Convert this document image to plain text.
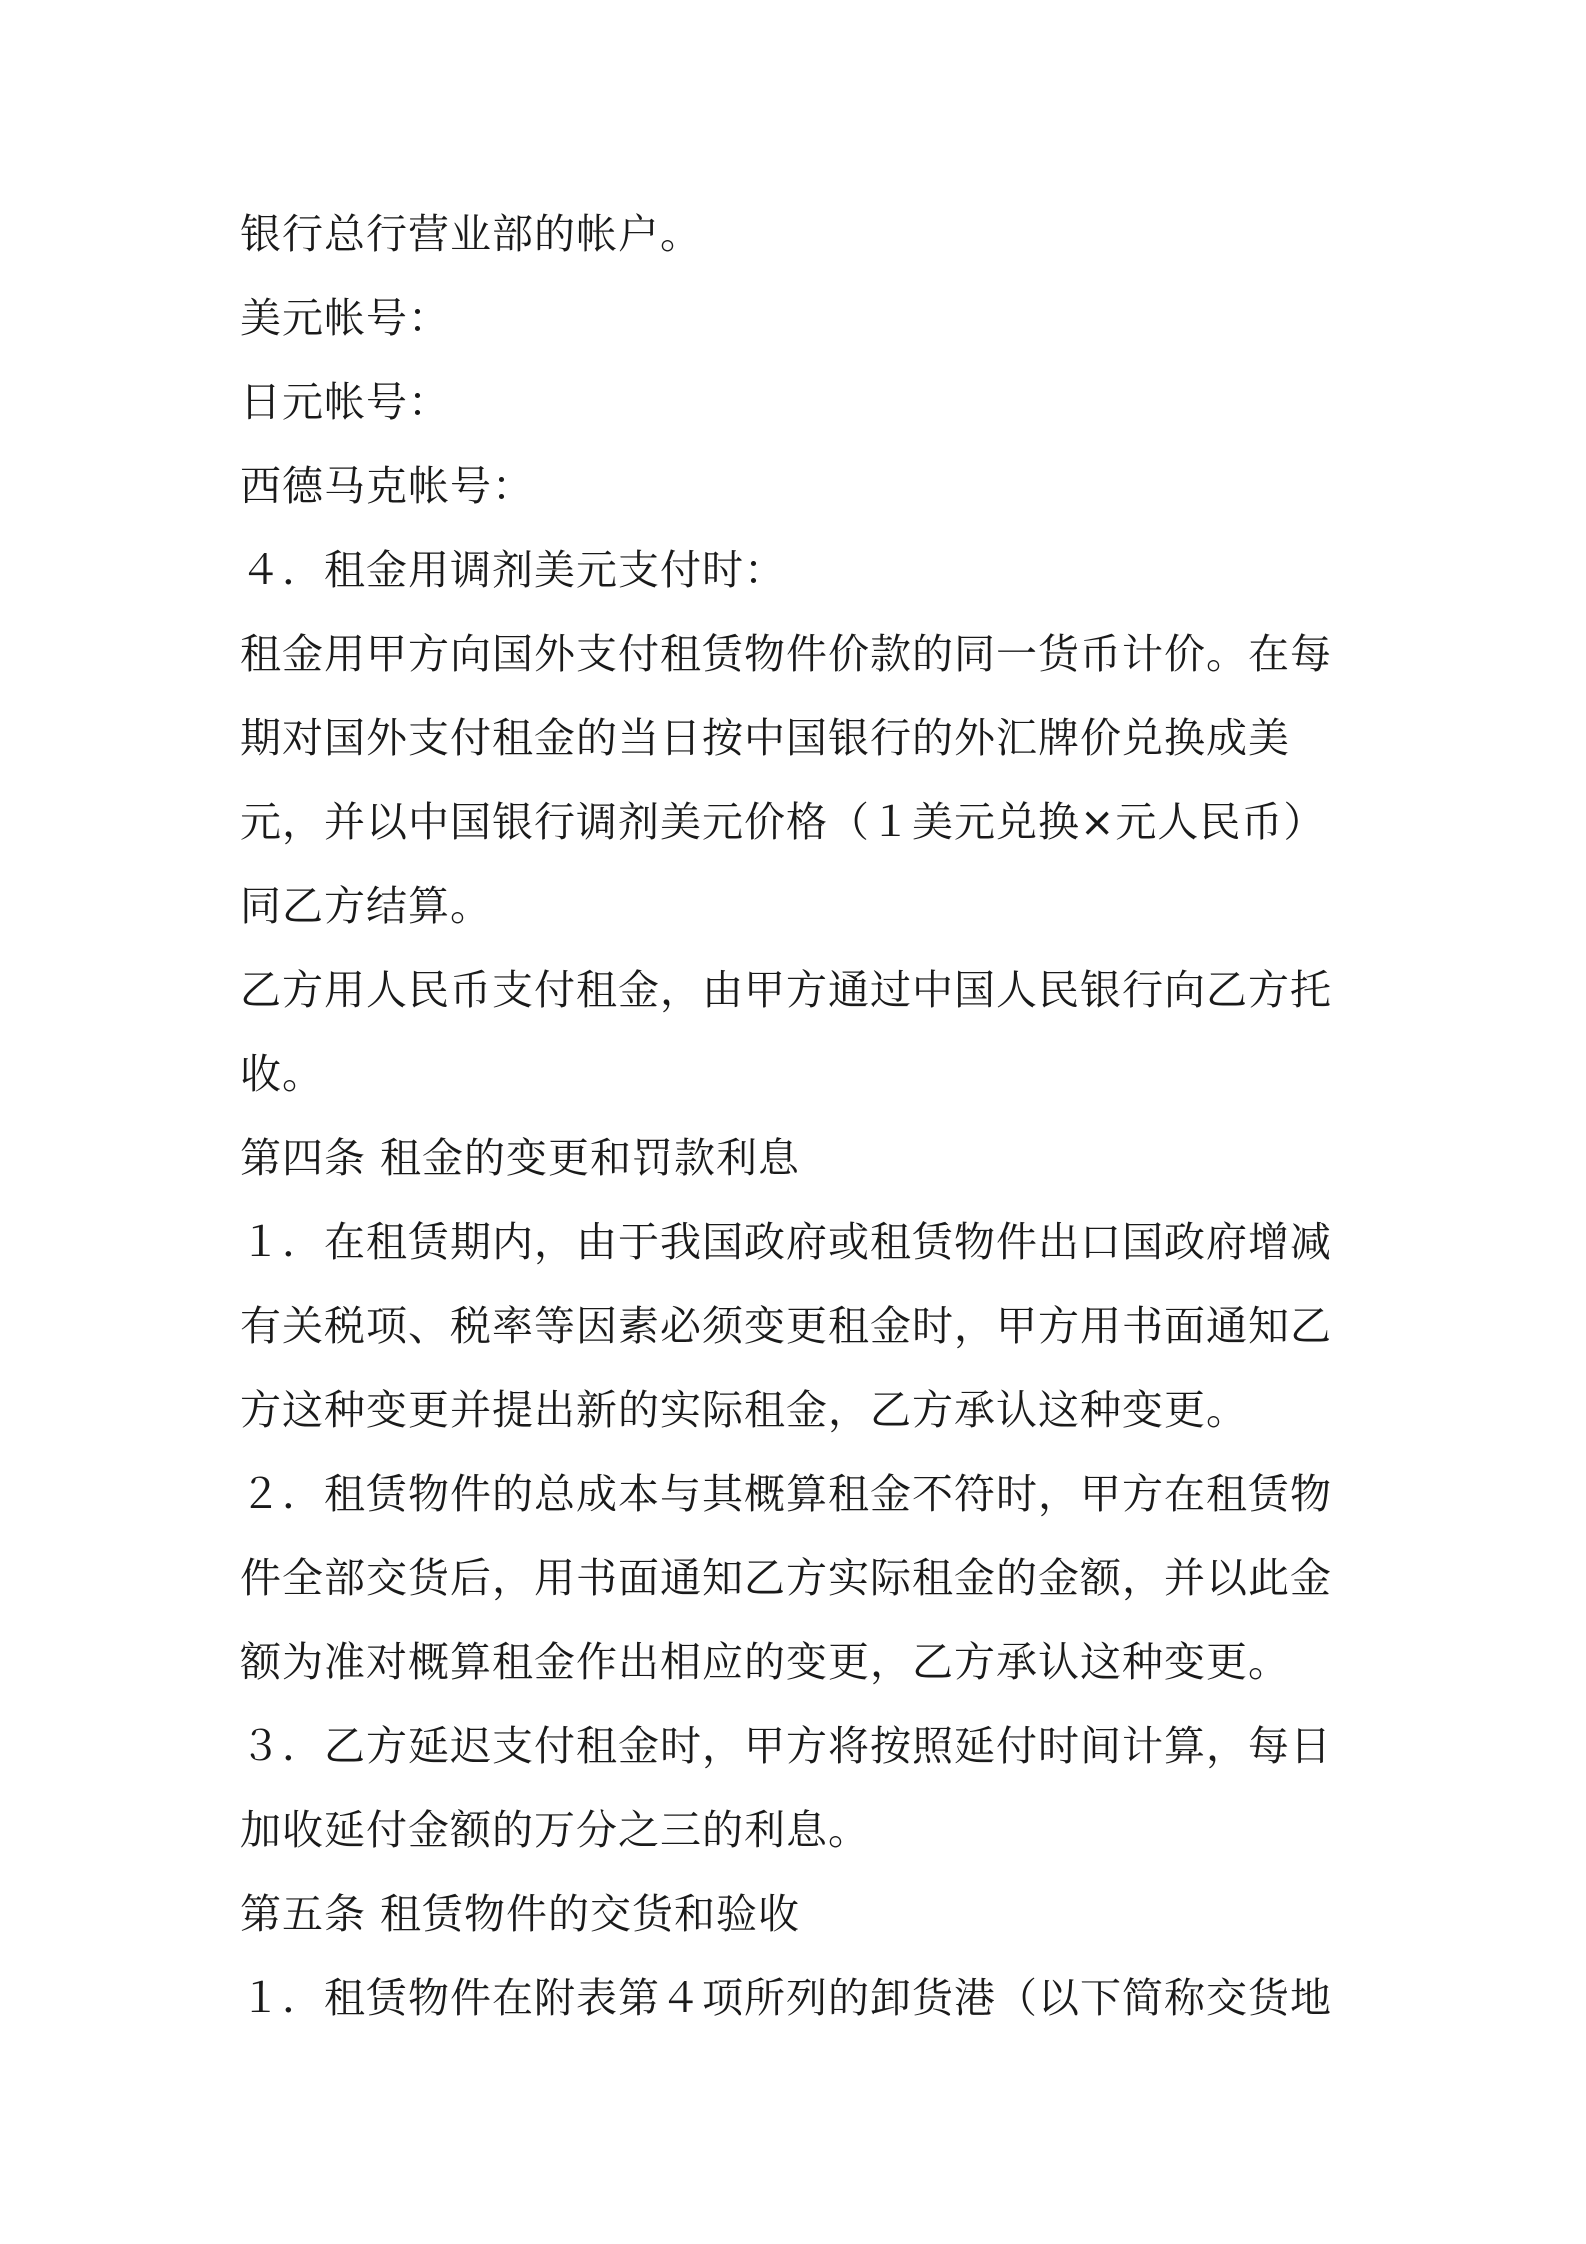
银行总行营业部的帐户。
美元帐号：
日元帐号：
西德马克帐号：
４．租金用调剂美元支付时：
租金用甲方向国外支付租赁物件价款的同一货币计价。在每
期对国外支付租金的当日按中国银行的外汇牌价兑换成美
元，并以中国银行调剂美元价格（１美元兑换×元人民币）
同乙方结算。
乙方用人民币支付租金，由甲方通过中国人民银行向乙方托
收。
第四条 租金的变更和罚款利息
１．在租赁期内，由于我国政府或租赁物件出口国政府增减
有关税项、税率等因素必须变更租金时，甲方用书面通知乙
方这种变更并提出新的实际租金，乙方承认这种变更。
２．租赁物件的总成本与其概算租金不符时，甲方在租赁物
件全部交货后，用书面通知乙方实际租金的金额，并以此金
额为准对概算租金作出相应的变更，乙方承认这种变更。
３．乙方延迟支付租金时，甲方将按照延付时间计算，每日
加收延付金额的万分之三的利息。
第五条 租赁物件的交货和验收
１．租赁物件在附表第４项所列的卸货港（以下简称交货地
